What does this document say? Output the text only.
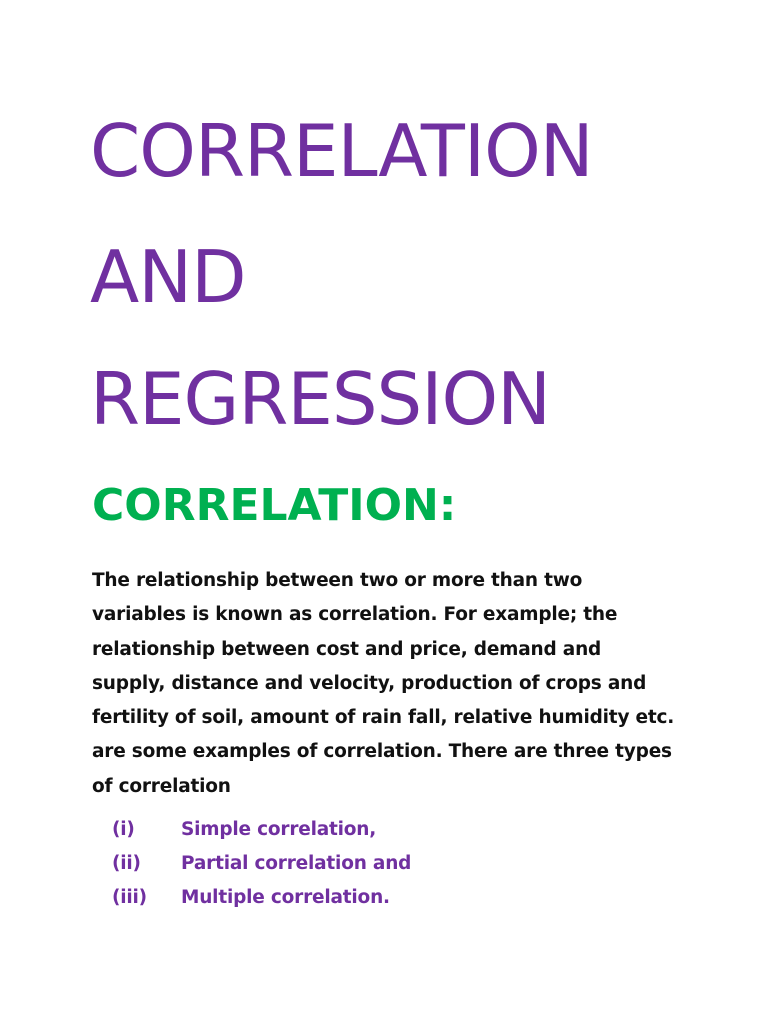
CORRELATION
AND
REGRESSION
CORRELATION:

The relationship between two or more than two
variables is known as correlation. For example; the
relationship between cost and price, demand and
supply, distance and velocity, production of crops and
fertility of soil, amount of rain fall, relative humidity etc.
are some examples of correlation. There are three types
of correlation

(i)	Simple correlation,
(ii) Partial correlation and
(iii) Multiple correlation.
